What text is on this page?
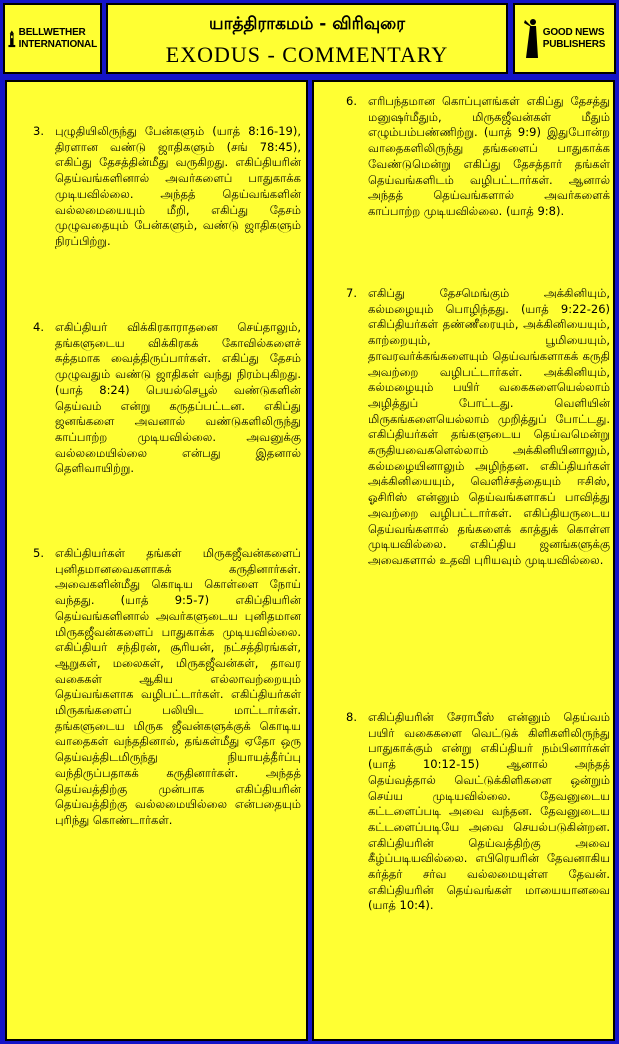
BELLWETHER
INTERNATIONAL
யாத்திராகமம் - விரிவுரை
EXODUS - COMMENTARY
GOOD NEWS
PUBLISHERS
3. புழுதியிலிருந்து பேன்களும் (யாத் 8:16-19), திரளான வண்டு ஜாதிகளும் (சங் 78:45), எகிப்து தேசத்தின்மீது வருகிறது. எகிப்தியரின் தெய்வங்களினால் அவர்களைப் பாதுகாக்க முடியவில்லை. அந்தத் தெய்வங்களின் வல்லமையையும் மீறி, எகிப்து தேசம் முழுவதையும் பேன்களும், வண்டு ஜாதிகளும் நிரப்பிற்று.
4. எகிப்தியர் விக்கிரகாராதனை செய்தாலும், தங்களுடைய விக்கிரகக் கோவில்களைச் சுத்தமாக வைத்திருப்பார்கள். எகிப்து தேசம் முழுவதும் வண்டு ஜாதிகள் வந்து நிரம்புகிறது. (யாத் 8:24) பெயல்செபூல் வண்டுகளின் தெய்வம் என்று கருதப்பட்டன. எகிப்து ஜனங்களை அவனால் வண்டுகளிலிருந்து காப்பாற்ற முடியவில்லை. அவனுக்கு வல்லமையில்லை என்பது இதனால் தெளிவாயிற்று.
5. எகிப்தியர்கள் தங்கள் மிருகஜீவன்களைப் புனிதமானவைகளாகக் கருதினார்கள். அவைகளின்மீது கொடிய கொள்ளை நோய் வந்தது. (யாத் 9:5-7) எகிப்தியரின் தெய்வங்களினால் அவர்களுடைய புனிதமான மிருகஜீவன்களைப் பாதுகாக்க முடியவில்லை. எகிப்தியர் சந்திரன், சூரியன், நட்சத்திரங்கள், ஆறுகள், மலைகள், மிருகஜீவன்கள், தாவர வகைகள் ஆகிய எல்லாவற்றையும் தெய்வங்களாக வழிபட்டார்கள். எகிப்தியர்கள் மிருகங்களைப் பலியிட மாட்டார்கள். தங்களுடைய மிருக ஜீவன்களுக்குக் கொடிய வாதைகள் வந்ததினால், தங்கள்மீது ஏதோ ஒரு தெய்வத்திடமிருந்து நியாயத்தீர்ப்பு வந்திருப்பதாகக் கருதினார்கள். அந்தத் தெய்வத்திற்கு முன்பாக எகிப்தியரின் தெய்வத்திற்கு வல்லமையில்லை என்பதையும் புரிந்து கொண்டார்கள்.
6. எரிபந்தமான கொப்புளங்கள் எகிப்து தேசத்து மனுஷர்மீதும், மிருகஜீவன்கள் மீதும் எழும்பம்பண்ணிற்று. (யாத் 9:9) இதுபோன்ற வாதைகளிலிருந்து தங்களைப் பாதுகாக்க வேண்டுமென்று எகிப்து தேசத்தார் தங்கள் தெய்வங்களிடம் வழிபட்டார்கள். ஆனால் அந்தத் தெய்வங்களால் அவர்களைக் காப்பாற்ற முடியவில்லை. (யாத் 9:8).
7. எகிப்து தேசமெங்கும் அக்கினியும், கல்மழையும் பொழிந்தது. (யாத் 9:22-26) எகிப்தியர்கள் தண்ணீரையும், அக்கினியையும், காற்றையும், பூமியையும், தாவரவர்க்கங்களையும் தெய்வங்களாகக் கருதி அவற்றை வழிபட்டார்கள். அக்கினியும், கல்மழையும் பயிர் வகைகளையெல்லாம் அழித்துப் போட்டது. வெளியின் மிருகங்களையெல்லாம் முறித்துப் போட்டது. எகிப்தியர்கள் தங்களுடைய தெய்வமென்று கருதியவைகளெல்லாம் அக்கினியினாலும், கல்மழையினாலும் அழிந்தன. எகிப்தியர்கள் அக்கினியையும், வெளிச்சத்தையும் ஈசிஸ், ஓசிரிஸ் என்னும் தெய்வங்களாகப் பாவித்து அவற்றை வழிபட்டார்கள். எகிப்தியருடைய தெய்வங்களால் தங்களைக் காத்துக் கொள்ள முடியவில்லை. எகிப்திய ஜனங்களுக்கு அவைகளால் உதவி புரியவும் முடியவில்லை.
8. எகிப்தியரின் சேராபீஸ் என்னும் தெய்வம் பயிர் வகைகளை வெட்டுக் கிளிகளிலிருந்து பாதுகாக்கும் என்று எகிப்தியர் நம்பினார்கள் (யாத் 10:12-15) ஆனால் அந்தத் தெய்வத்தால் வெட்டுக்கிளிகளை ஒன்றும் செய்ய முடியவில்லை. தேவனுடைய கட்டளைப்படி அவை வந்தன. தேவனுடைய கட்டளைப்படியே அவை செயல்படுகின்றன. எகிப்தியரின் தெய்வத்திற்கு அவை கீழ்ப்படியவில்லை. எபிரெயரின் தேவனாகிய கர்த்தர் சர்வ வல்லமையுள்ள தேவன். எகிப்தியரின் தெய்வங்கள் மாயையானவை (யாத் 10:4).
